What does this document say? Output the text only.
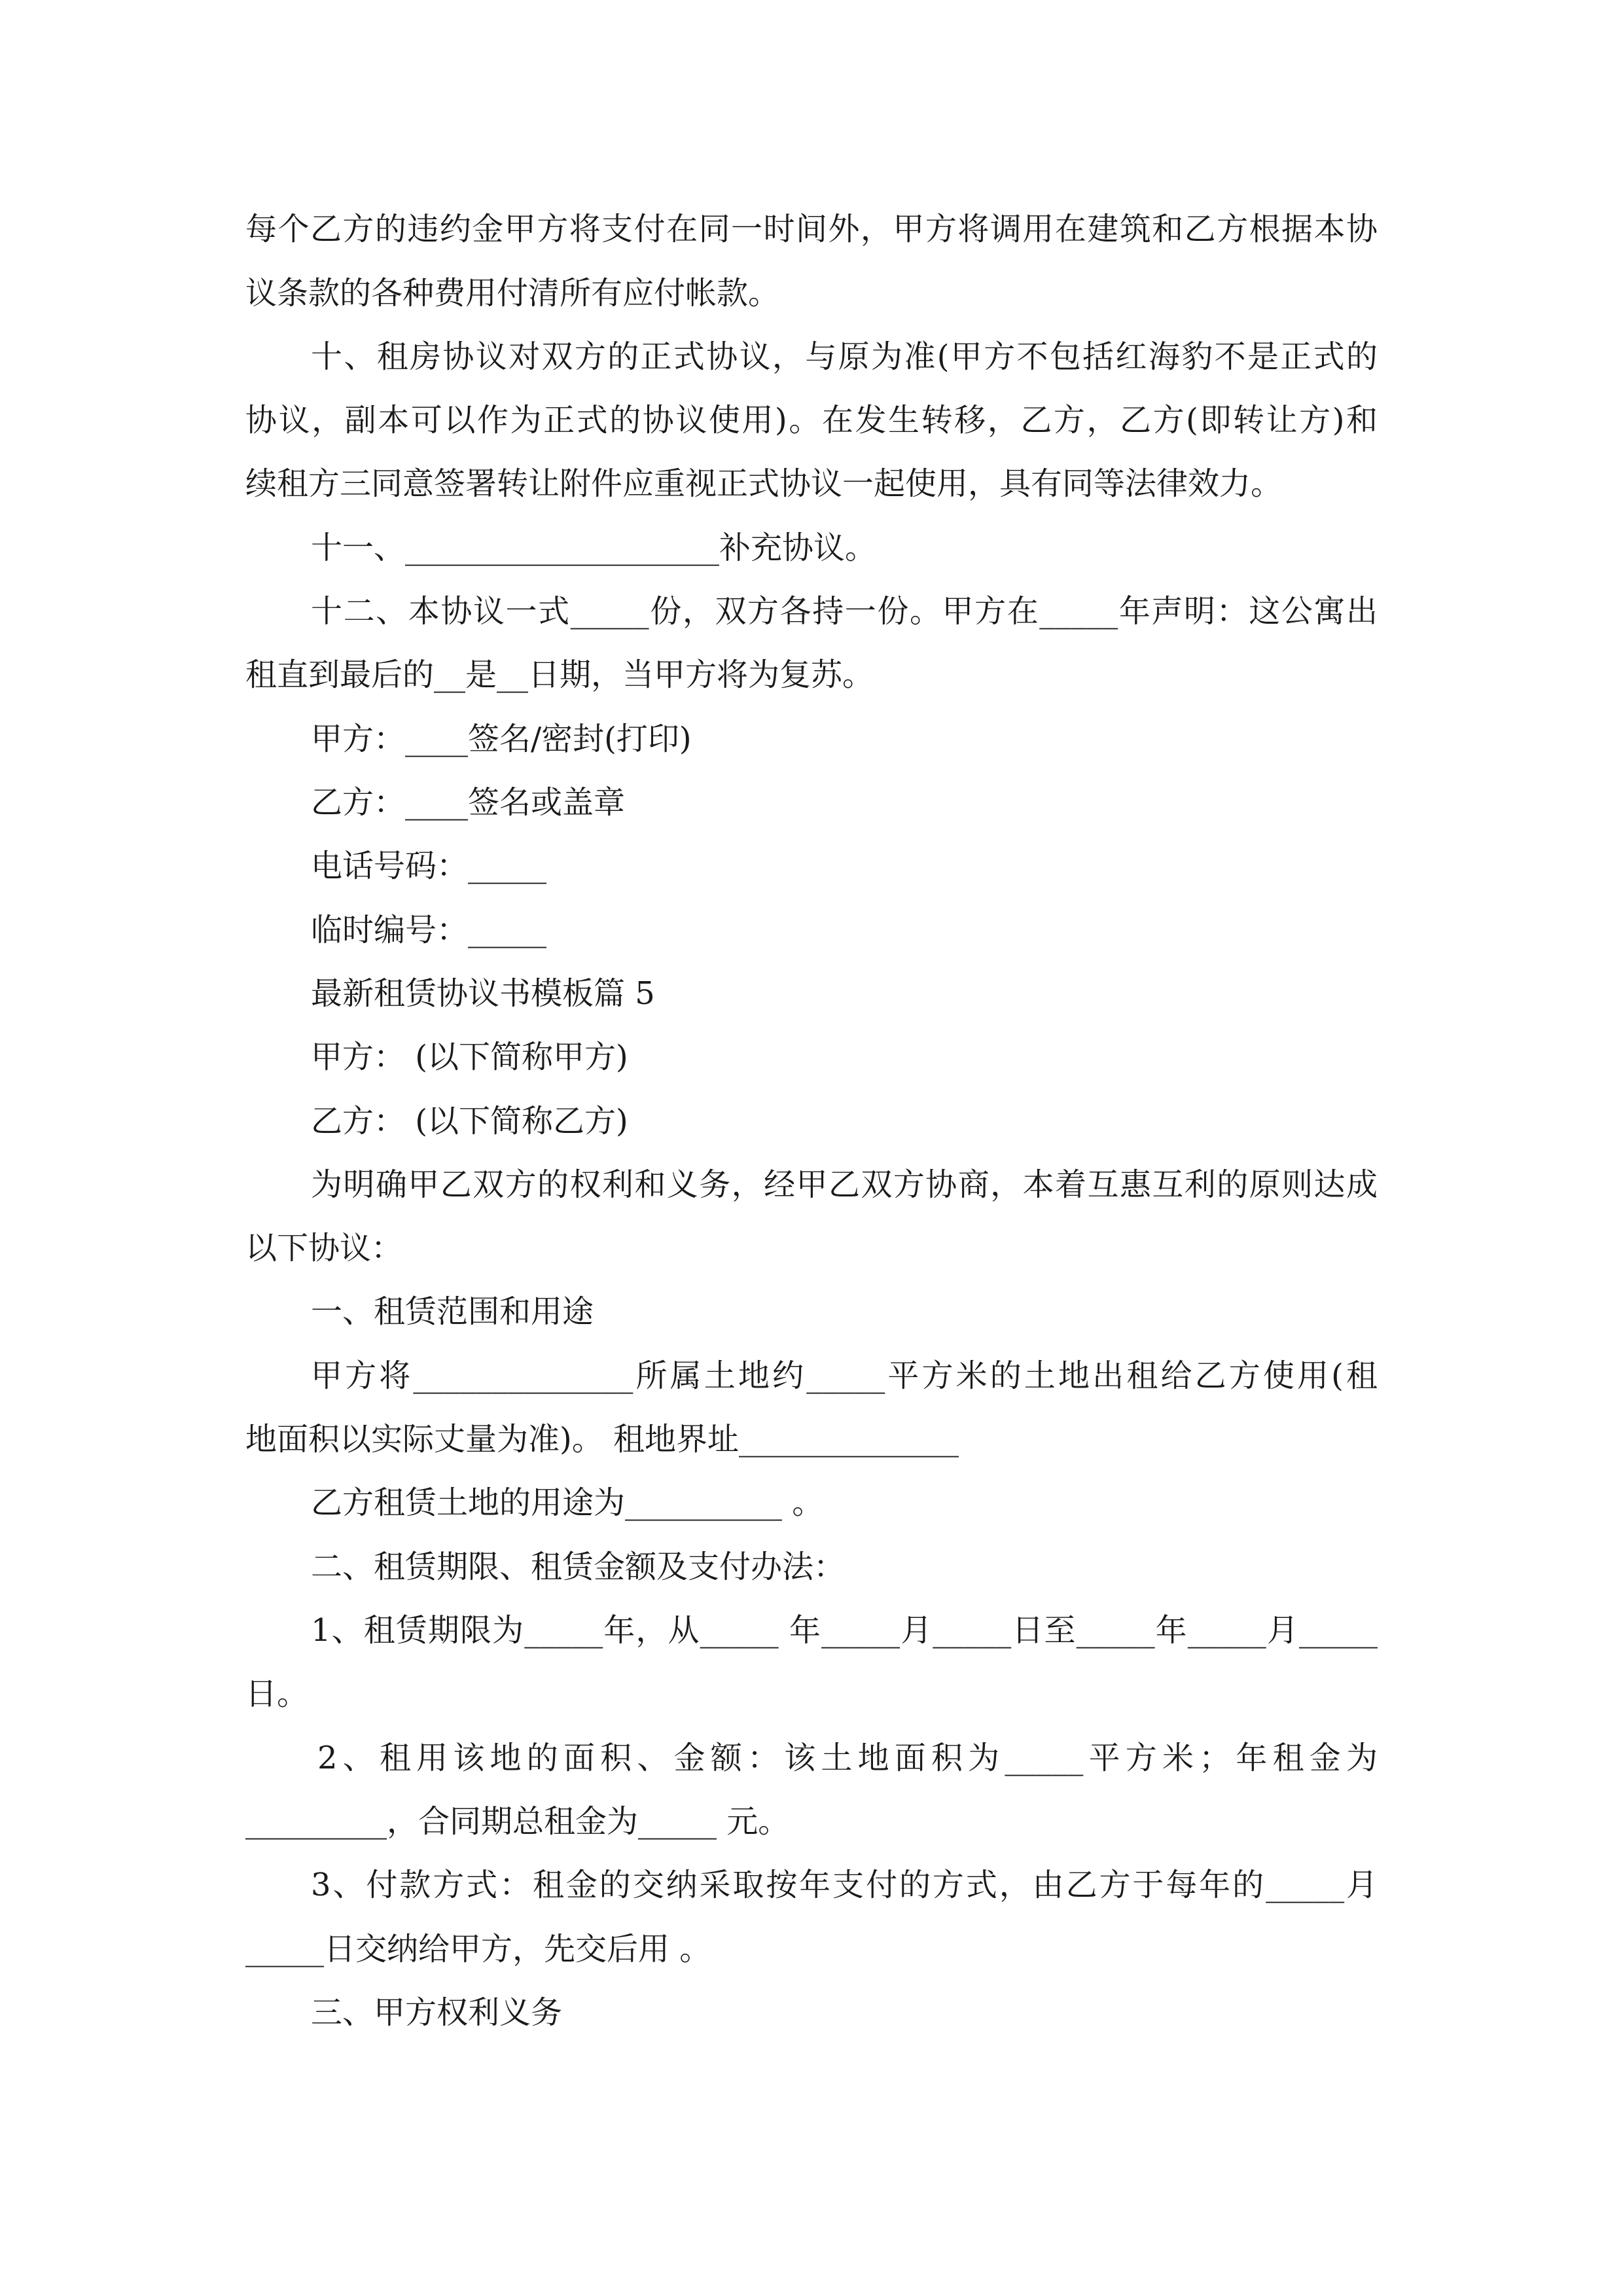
每个乙方的违约金甲方将支付在同一时间外，甲方将调用在建筑和乙方根据本协

议条款的各种费用付清所有应付帐款。

十、租房协议对双方的正式协议，与原为准(甲方不包括红海豹不是正式的

协议，副本可以作为正式的协议使用)。在发生转移，乙方，乙方(即转让方)和

续租方三同意签署转让附件应重视正式协议一起使用，具有同等法律效力。

十一、____________________补充协议。

十二、本协议一式_____份，双方各持一份。甲方在_____年声明：这公寓出

租直到最后的__是__日期，当甲方将为复苏。

甲方：____签名/密封(打印)

乙方：____签名或盖章

电话号码：_____

临时编号：_____

最新租赁协议书模板篇 5

甲方： (以下简称甲方)

乙方： (以下简称乙方)

为明确甲乙双方的权利和义务，经甲乙双方协商，本着互惠互利的原则达成

以下协议：

一、租赁范围和用途

甲方将______________所属土地约_____平方米的土地出租给乙方使用(租

地面积以实际丈量为准)。 租地界址______________

乙方租赁土地的用途为__________ 。

二、租赁期限、租赁金额及支付办法：

1、租赁期限为_____年，从_____ 年_____月_____日至_____年_____月_____

日。

2、租用该地的面积、金额：该土地面积为_____平方米；年租金为

_________，合同期总租金为_____ 元。

3、付款方式：租金的交纳采取按年支付的方式，由乙方于每年的_____月

_____日交纳给甲方，先交后用 。

三、甲方权利义务
